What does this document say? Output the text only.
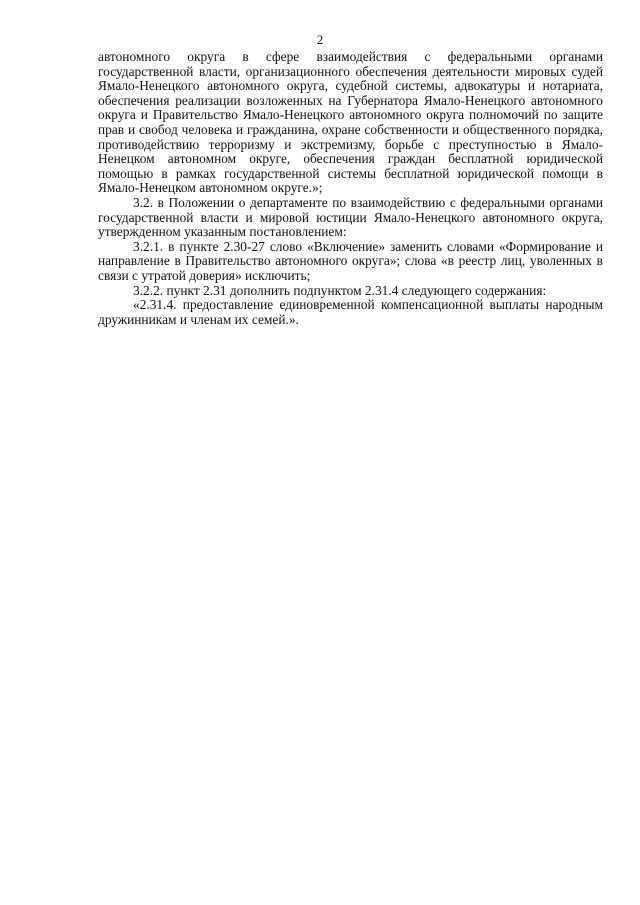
2

автономного округа в сфере взаимодействия с федеральными органами государственной власти, организационного обеспечения деятельности мировых судей Ямало-Ненецкого автономного округа, судебной системы, адвокатуры и нотариата, обеспечения реализации возложенных на Губернатора Ямало-Ненецкого автономного округа и Правительство Ямало-Ненецкого автономного округа полномочий по защите прав и свобод человека и гражданина, охране собственности и общественного порядка, противодействию терроризму и экстремизму, борьбе с преступностью в Ямало-Ненецком автономном округе, обеспечения граждан бесплатной юридической помощью в рамках государственной системы бесплатной юридической помощи в Ямало-Ненецком автономном округе.»;

3.2. в Положении о департаменте по взаимодействию с федеральными органами государственной власти и мировой юстиции Ямало-Ненецкого автономного округа, утвержденном указанным постановлением:

3.2.1. в пункте 2.30-27 слово «Включение» заменить словами «Формирование и направление в Правительство автономного округа»; слова «в реестр лиц, уволенных в связи с утратой доверия» исключить;

3.2.2. пункт 2.31 дополнить подпунктом 2.31.4 следующего содержания:

«2.31.4. предоставление единовременной компенсационной выплаты народным дружинникам и членам их семей.».
